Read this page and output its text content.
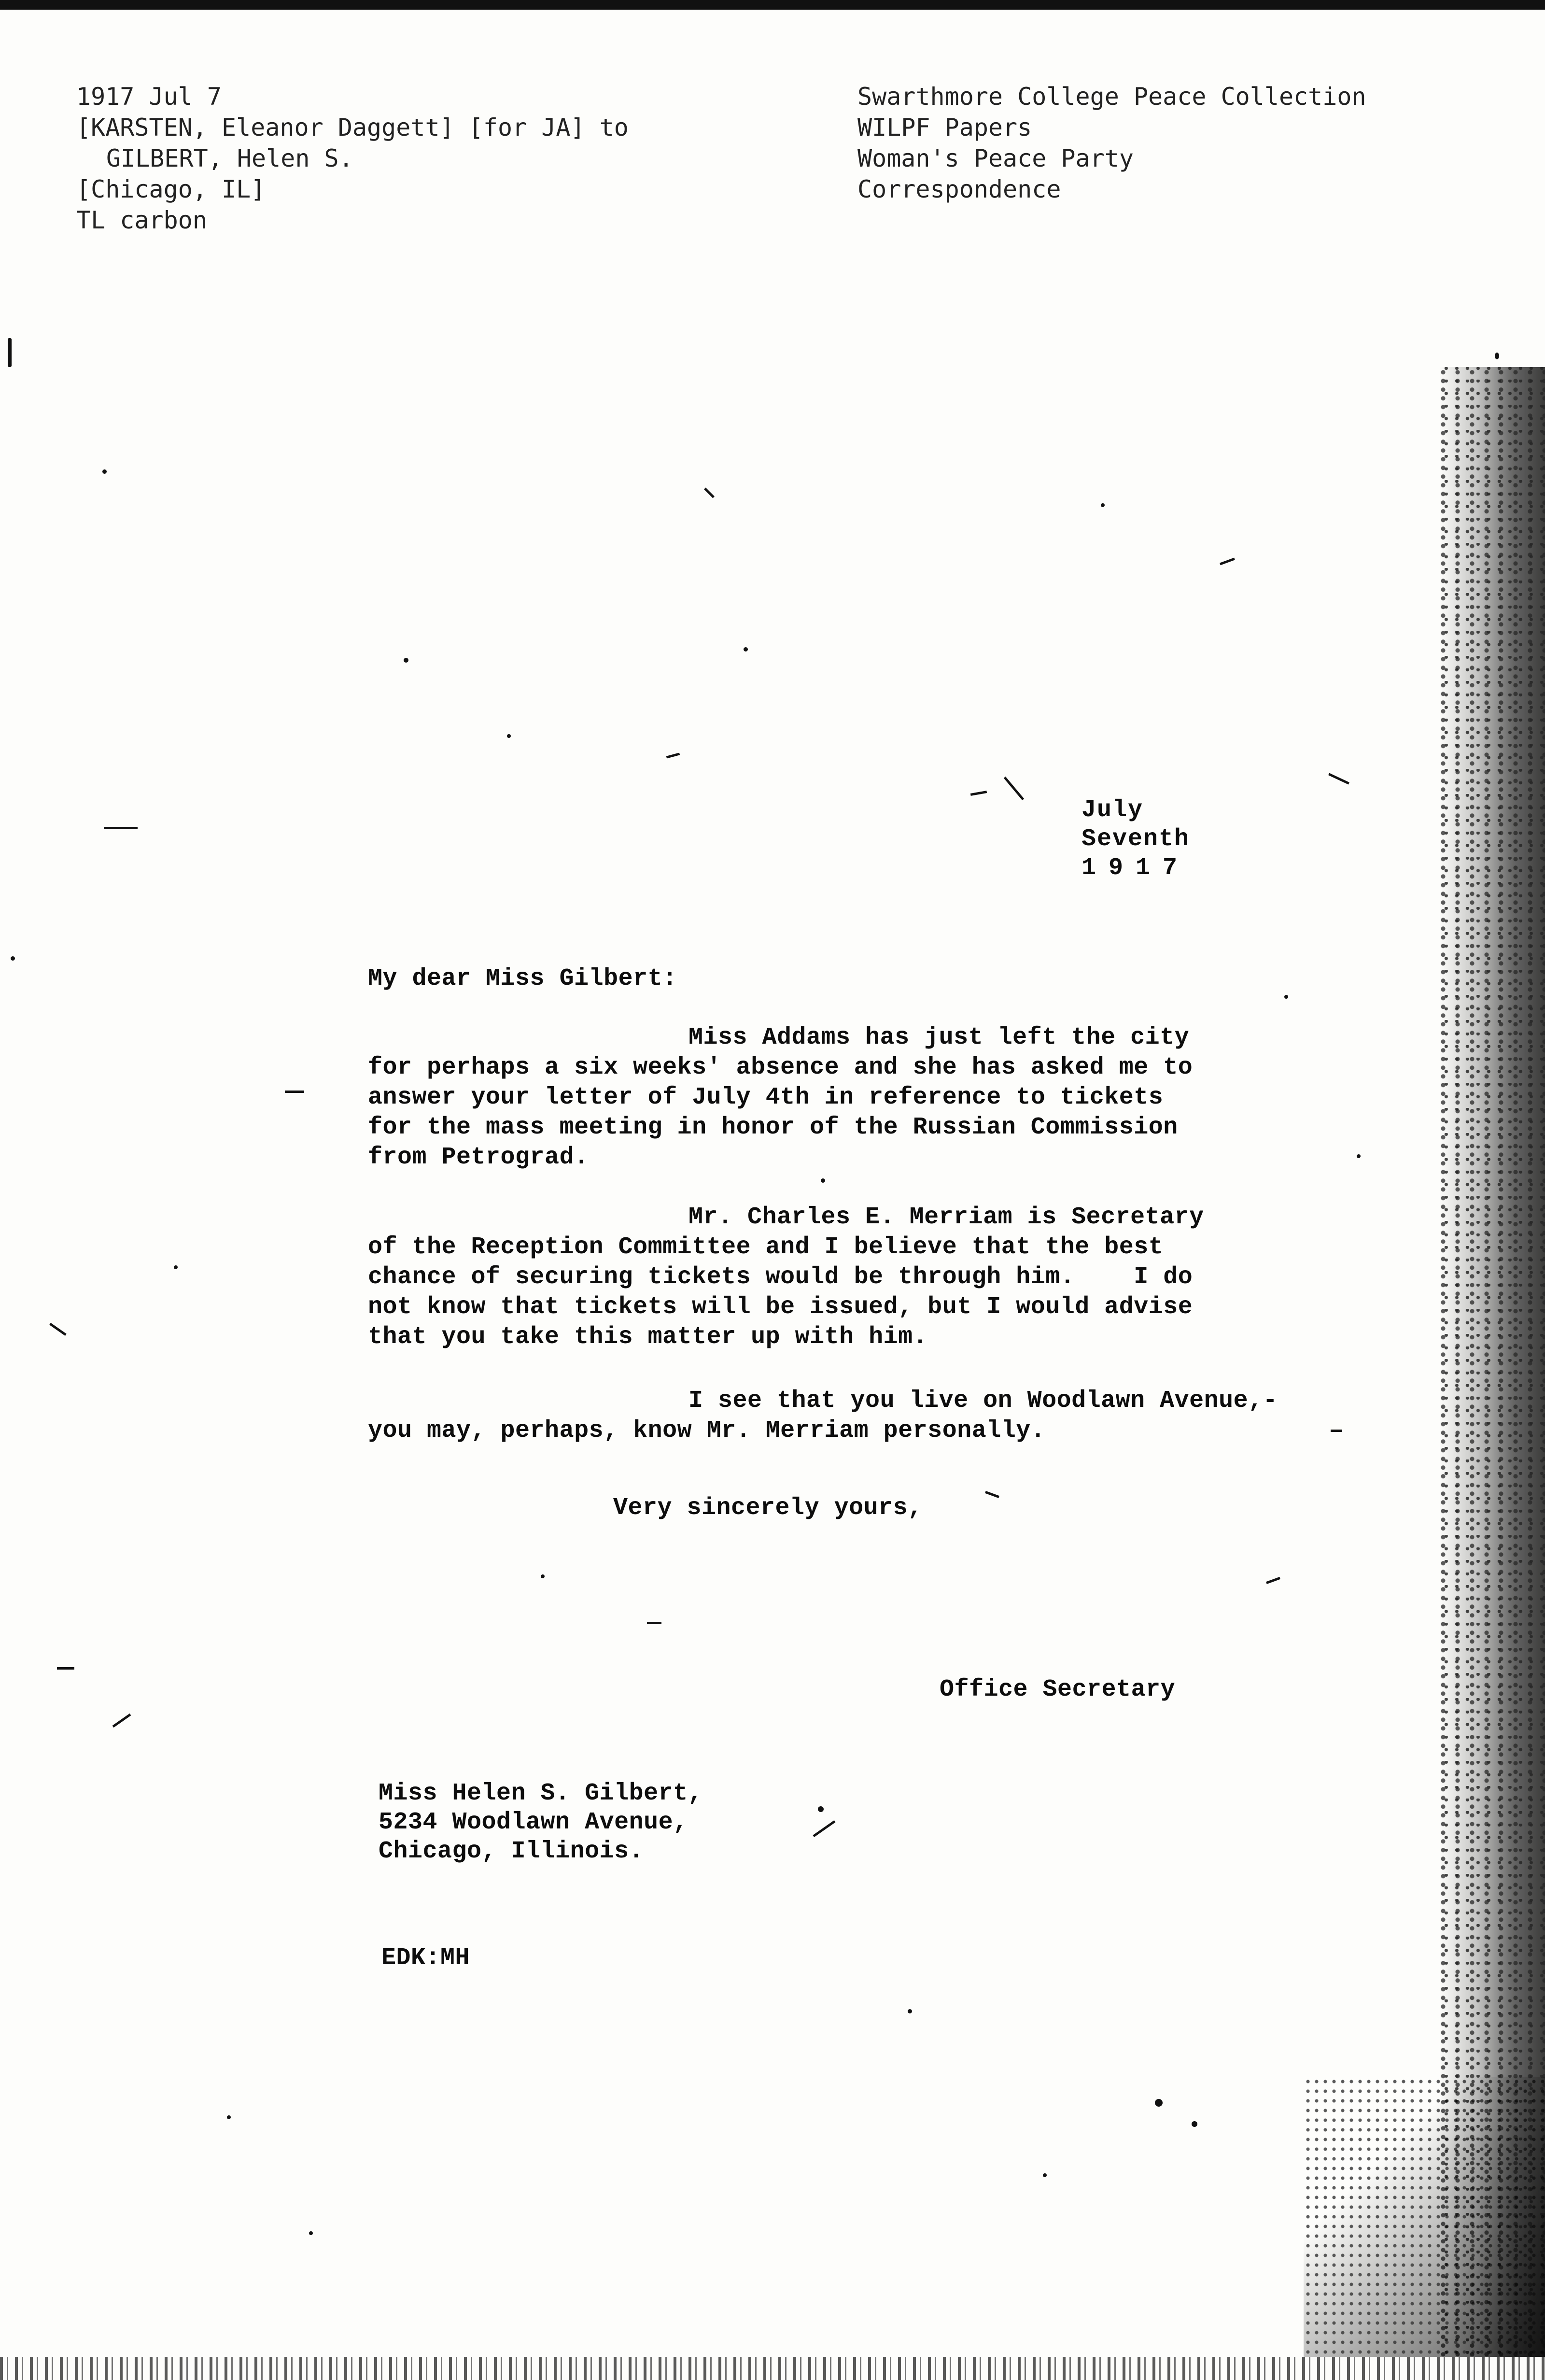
1917 Jul 7
[KARSTEN, Eleanor Daggett] [for JA] to
GILBERT, Helen S.
[Chicago, IL]
TL carbon
Swarthmore College Peace Collection
WILPF Papers
Woman's Peace Party
Correspondence
July
Seventh
1917
My dear Miss Gilbert:
Miss Addams has just left the city
for perhaps a six weeks' absence and she has asked me to
answer your letter of July 4th in reference to tickets
for the mass meeting in honor of the Russian Commission
from Petrograd.
Mr. Charles E. Merriam is Secretary
of the Reception Committee and I believe that the best
chance of securing tickets would be through him.    I do
not know that tickets will be issued, but I would advise
that you take this matter up with him.
I see that you live on Woodlawn Avenue,-
you may, perhaps, know Mr. Merriam personally.
Very sincerely yours,
Office Secretary
Miss Helen S. Gilbert,
5234 Woodlawn Avenue,
Chicago, Illinois.
EDK:MH
